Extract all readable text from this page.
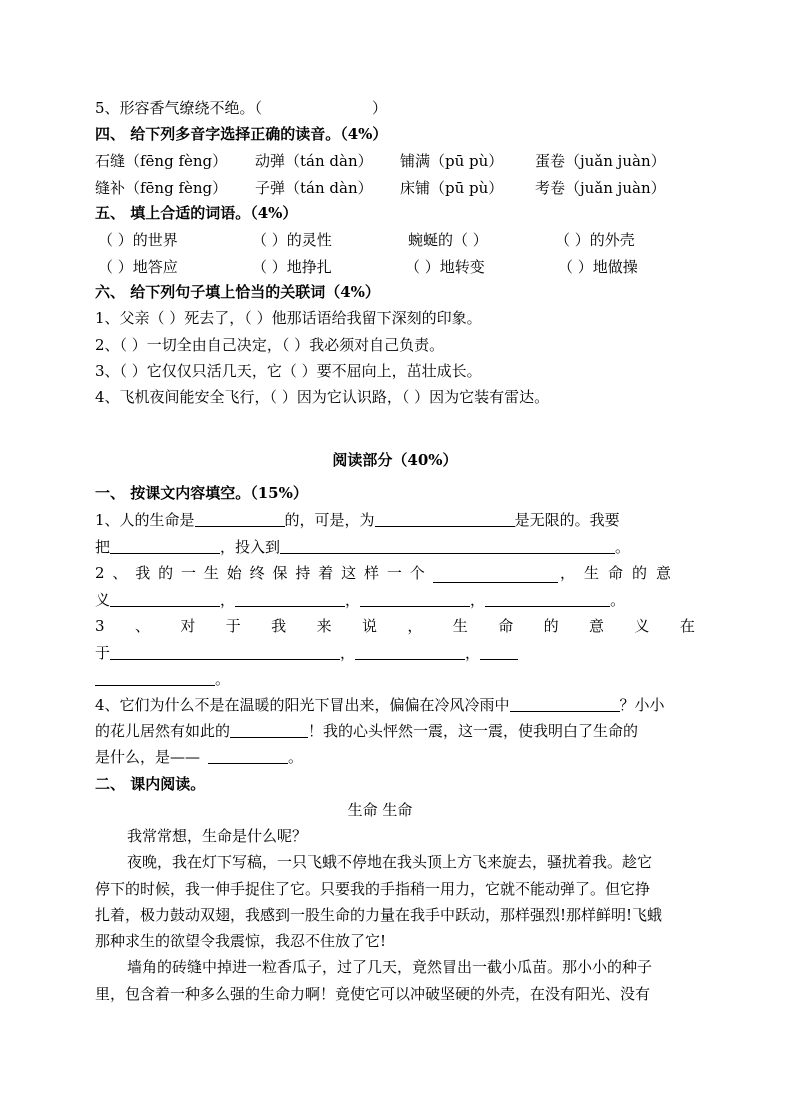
5、形容香气缭绕不绝。（	）
四、 给下列多音字选择正确的读音。（4%）
石缝（fēng fèng） 动弹（tán dàn） 铺满（pū pù） 蛋卷（juǎn juàn）
缝补（fēng fèng） 子弹（tán dàn） 床铺（pū pù） 考卷（juǎn juàn）
五、 填上合适的词语。（4%）
（ ）的世界	（ ）的灵性	蜿蜒的（ ）	（ ）的外壳
（ ）地答应	（ ）地挣扎	（ ）地转变	（ ）地做操
六、 给下列句子填上恰当的关联词（4%）
1、父亲（ ）死去了，（ ）他那话语给我留下深刻的印象。
2、（ ）一切全由自己决定，（ ）我必须对自己负责。
3、（ ）它仅仅只活几天，它（ ）要不屈向上，茁壮成长。
4、飞机夜间能安全飞行，（ ）因为它认识路，（ ）因为它装有雷达。
阅读部分（40%）
一、 按课文内容填空。（15%）
1、人的生命是	的，可是，为	是无限的。我要
把	，投入到	。
2 、 我 的 一 生 始 终 保 持 着 这 样 一 个	，生命的意
义	，	，	，	。
3 、 对 于 我 来 说 ， 生 命 的 意 义 在
于	，	，
。
4、它们为什么不是在温暖的阳光下冒出来，偏偏在冷风冷雨中	？小小
的花儿居然有如此的	！我的心头怦然一震，这一震，使我明白了生命的
是什么，是——	。
二、 课内阅读。
生命 生命
我常常想，生命是什么呢？
夜晚，我在灯下写稿，一只飞蛾不停地在我头顶上方飞来旋去，骚扰着我。趁它
停下的时候，我一伸手捉住了它。只要我的手指稍一用力，它就不能动弹了。但它挣
扎着，极力鼓动双翅，我感到一股生命的力量在我手中跃动，那样强烈!那样鲜明!飞蛾
那种求生的欲望令我震惊，我忍不住放了它!
墙角的砖缝中掉进一粒香瓜子，过了几天，竟然冒出一截小瓜苗。那小小的种子
里，包含着一种多么强的生命力啊！竟使它可以冲破坚硬的外壳，在没有阳光、没有
